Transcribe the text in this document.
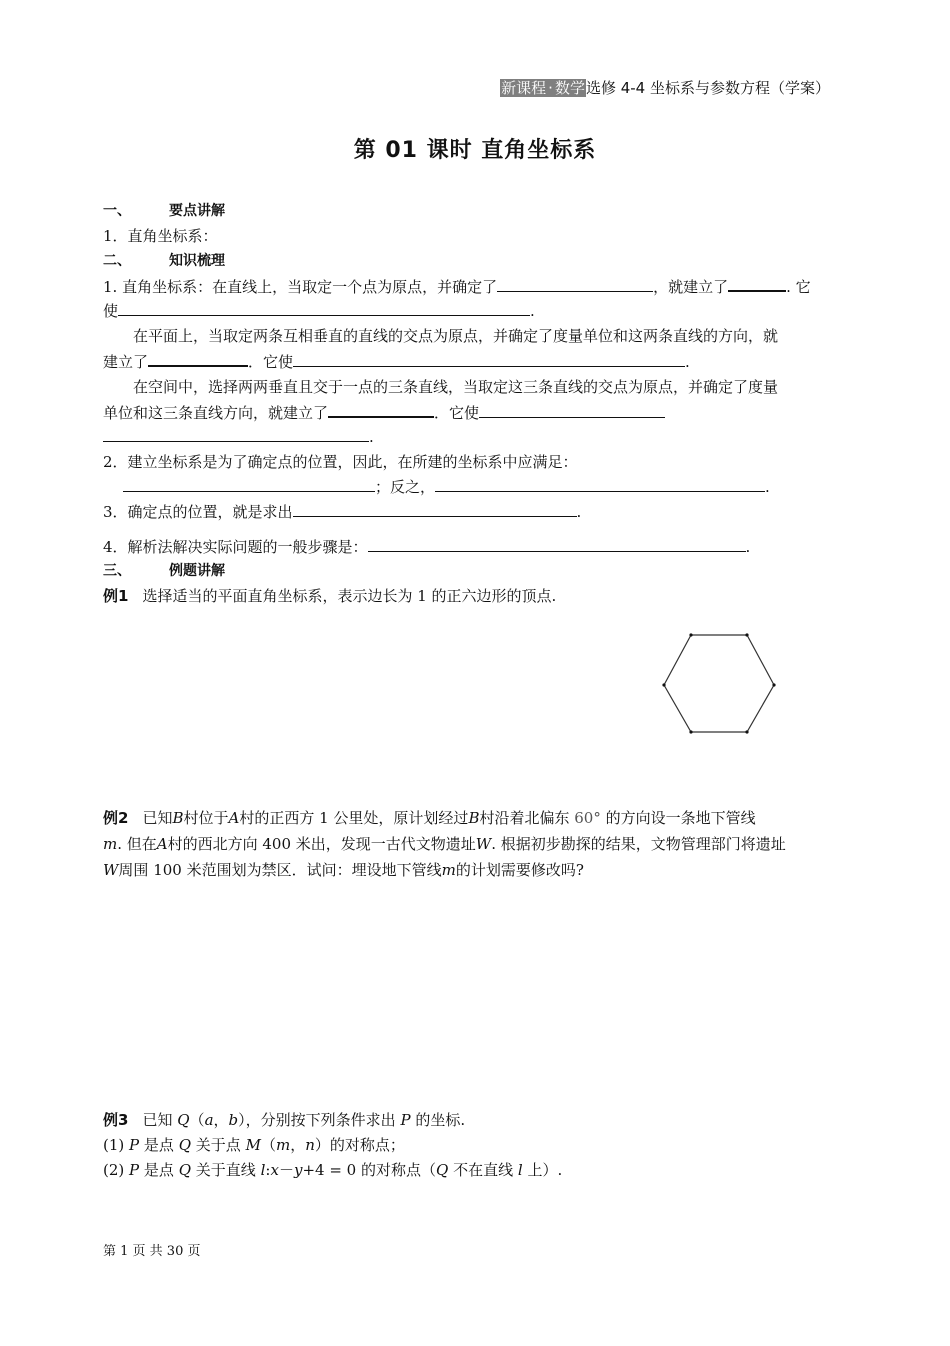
新课程 · 数学选修 4-4 坐标系与参数方程（学案）
第 01 课时 直角坐标系
一、	要点讲解
1．直角坐标系：
二、	知识梳理
1. 直角坐标系：在直线上，当取定一个点为原点，并确定了	，就建立了	. 它
使	.
在平面上，当取定两条互相垂直的直线的交点为原点，并确定了度量单位和这两条直线的方向，就
建立了	．它使	.
在空间中，选择两两垂直且交于一点的三条直线，当取定这三条直线的交点为原点，并确定了度量
单位和这三条直线方向，就建立了	．它使
.
2．建立坐标系是为了确定点的位置，因此，在所建的坐标系中应满足：
；反之，	.
3．确定点的位置，就是求出	.
4．解析法解决实际问题的一般步骤是：	.
三、	例题讲解
例1 选择适当的平面直角坐标系，表示边长为 1 的正六边形的顶点.
例2 已知B村位于A村的正西方 1 公里处，原计划经过B村沿着北偏东 60° 的方向设一条地下管线
m. 但在A村的西北方向 400 米出，发现一古代文物遗址W. 根据初步勘探的结果，文物管理部门将遗址
W周围 100 米范围划为禁区．试问：埋设地下管线m的计划需要修改吗?
例3 已知 Q（a，b），分别按下列条件求出 P 的坐标.
(1) P 是点 Q 关于点 M（m，n）的对称点；
(2) P 是点 Q 关于直线 l:x－y+4 = 0 的对称点（Q 不在直线 l 上）.
第 1 页 共 30 页
